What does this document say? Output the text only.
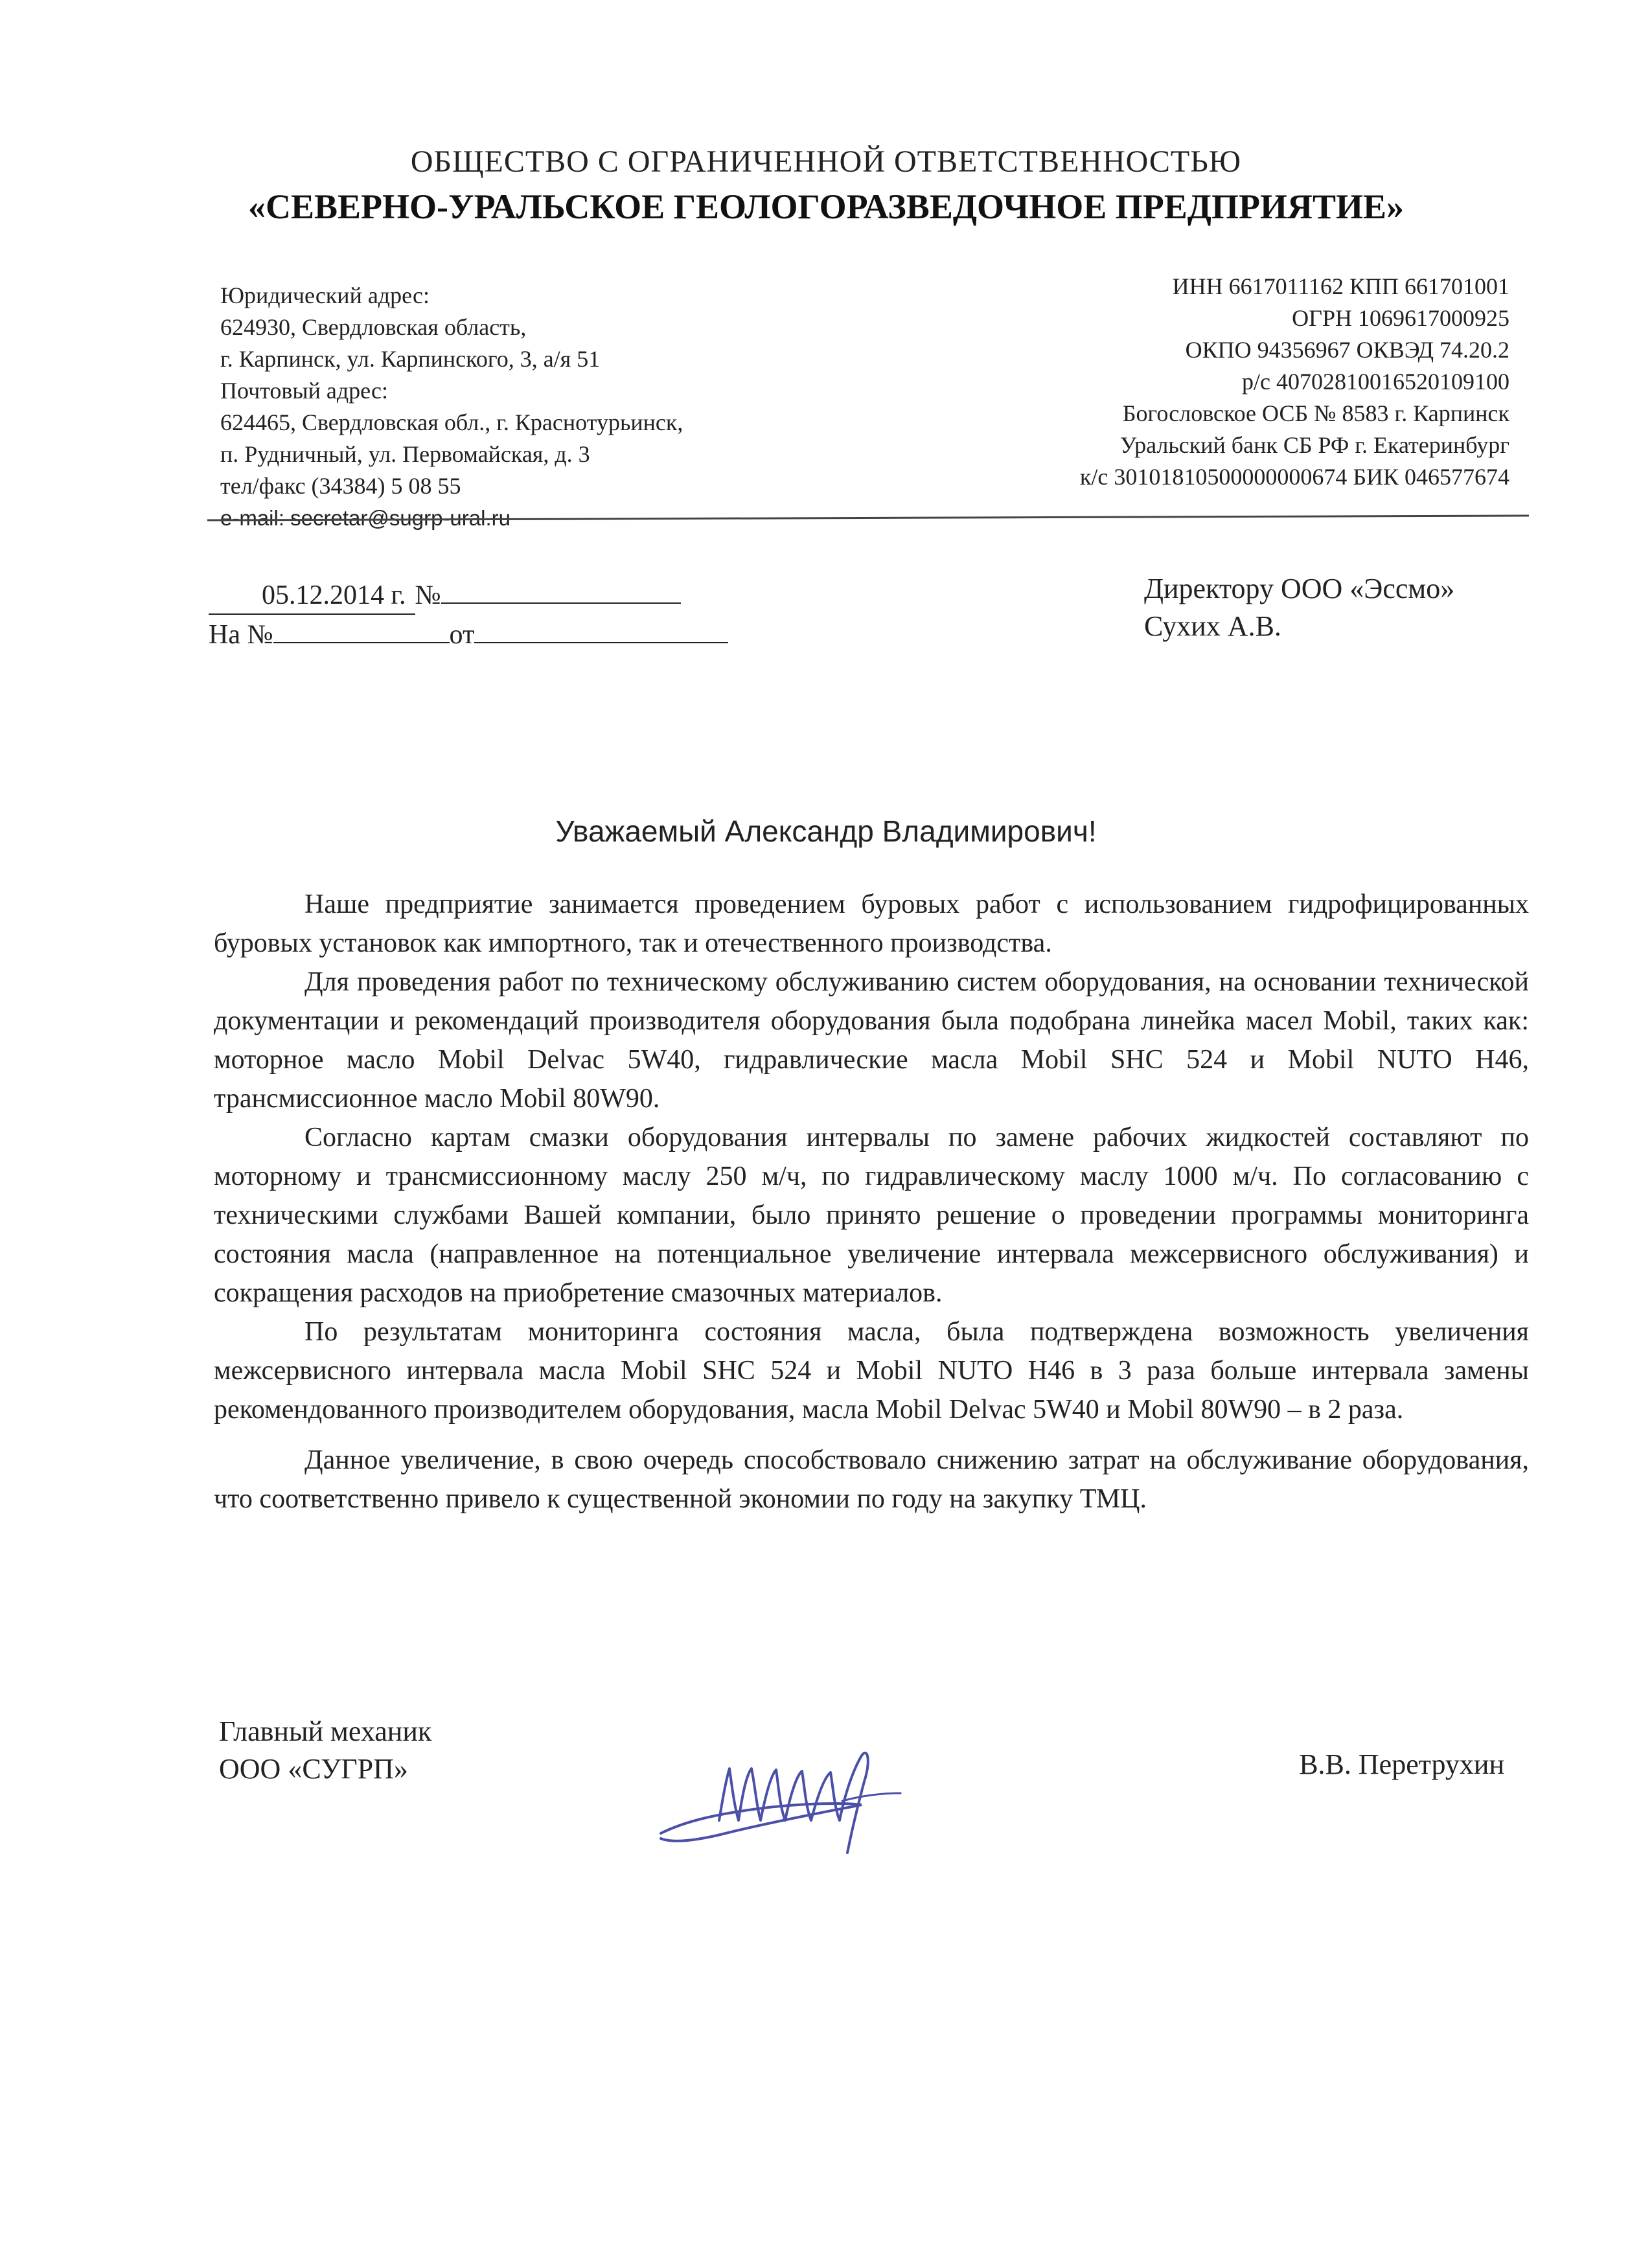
ОБЩЕСТВО С ОГРАНИЧЕННОЙ ОТВЕТСТВЕННОСТЬЮ
«СЕВЕРНО-УРАЛЬСКОЕ ГЕОЛОГОРАЗВЕДОЧНОЕ ПРЕДПРИЯТИЕ»
Юридический адрес:
624930, Свердловская область,
г. Карпинск, ул. Карпинского, 3, а/я 51
Почтовый адрес:
624465, Свердловская обл., г. Краснотурьинск,
п. Рудничный, ул. Первомайская, д. 3
тел/факс (34384) 5 08 55
e-mail: secretar@sugrp-ural.ru
ИНН 6617011162 КПП 661701001
ОГРН 1069617000925
ОКПО 94356967 ОКВЭД 74.20.2
р/с 40702810016520109100
Богословское ОСБ № 8583 г. Карпинск
Уральский банк СБ РФ г. Екатеринбург
к/с 30101810500000000674 БИК 046577674
05.12.2014 г. №
На №	от
Директору ООО «Эссмо»
Сухих А.В.
Уважаемый Александр Владимирович!

Наше предприятие занимается проведением буровых работ с использованием гидрофицированных буровых установок как импортного, так и отечественного производства.

Для проведения работ по техническому обслуживанию систем оборудования, на основании технической документации и рекомендаций производителя оборудования была подобрана линейка масел Mobil, таких как: моторное масло Mobil Delvac 5W40, гидравлические масла Mobil SHC 524 и Mobil NUTO H46, трансмиссионное масло Mobil 80W90.

Согласно картам смазки оборудования интервалы по замене рабочих жидкостей составляют по моторному и трансмиссионному маслу 250 м/ч, по гидравлическому маслу 1000 м/ч. По согласованию с техническими службами Вашей компании, было принято решение о проведении программы мониторинга состояния масла (направленное на потенциальное увеличение интервала межсервисного обслуживания) и сокращения расходов на приобретение смазочных материалов.

По результатам мониторинга состояния масла, была подтверждена возможность увеличения межсервисного интервала масла Mobil SHC 524 и Mobil NUTO H46 в 3 раза больше интервала замены рекомендованного производителем оборудования, масла Mobil Delvac 5W40 и Mobil 80W90 – в 2 раза.

Данное увеличение, в свою очередь способствовало снижению затрат на обслуживание оборудования, что соответственно привело к существенной экономии по году на закупку ТМЦ.

Главный механик
ООО «СУГРП»	В.В. Перетрухин
